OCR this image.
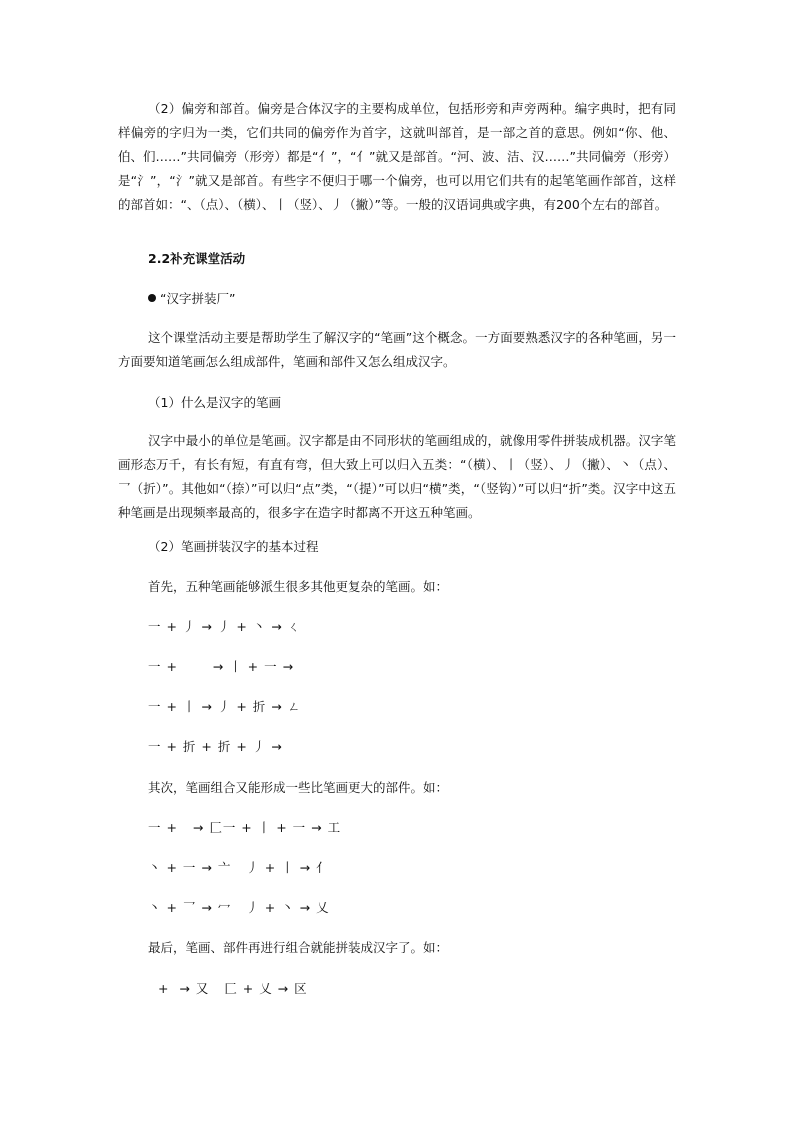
（2）偏旁和部首。偏旁是合体汉字的主要构成单位，包括形旁和声旁两种。编字典时，把有同样偏旁的字归为一类，它们共同的偏旁作为首字，这就叫部首，是一部之首的意思。例如“你、他、伯、们……”共同偏旁（形旁）都是“亻”，“亻”就又是部首。“河、波、洁、汉……”共同偏旁（形旁）是“氵”，“氵”就又是部首。有些字不便归于哪一个偏旁，也可以用它们共有的起笔笔画作部首，这样的部首如：“、（点）、（横）、丨（竖）、丿（撇）”等。一般的汉语词典或字典，有200个左右的部首。

2.2补充课堂活动

“汉字拼装厂”

这个课堂活动主要是帮助学生了解汉字的“笔画”这个概念。一方面要熟悉汉字的各种笔画，另一方面要知道笔画怎么组成部件，笔画和部件又怎么组成汉字。

（1）什么是汉字的笔画

汉字中最小的单位是笔画。汉字都是由不同形状的笔画组成的，就像用零件拼装成机器。汉字笔画形态万千，有长有短，有直有弯，但大致上可以归入五类：“（横）、丨（竖）、丿（撇）、丶（点）、乛（折）”。其他如“（捺）”可以归“点”类，“（提）”可以归“横”类，“（竖钩）”可以归“折”类。汉字中这五种笔画是出现频率最高的，很多字在造字时都离不开这五种笔画。

（2）笔画拼装汉字的基本过程

首先，五种笔画能够派生很多其他更复杂的笔画。如：

一 + 丿 → 丿 + 丶 → ㄑ

一 +       → 丨 + 一 →

一 + 丨 → 丿 + 折 → ㄥ

一 + 折 + 折 + 丿 →

其次，笔画组合又能形成一些比笔画更大的部件。如：

一 +   → 匚一 + 丨 + 一 → 工

丶 + 一 → 亠   丿 + 丨 → 亻

丶 + 乛 → 冖   丿 + 丶 → 乂

最后，笔画、部件再进行组合就能拼装成汉字了。如：

+  → 又   匚 + 乂 → 区
